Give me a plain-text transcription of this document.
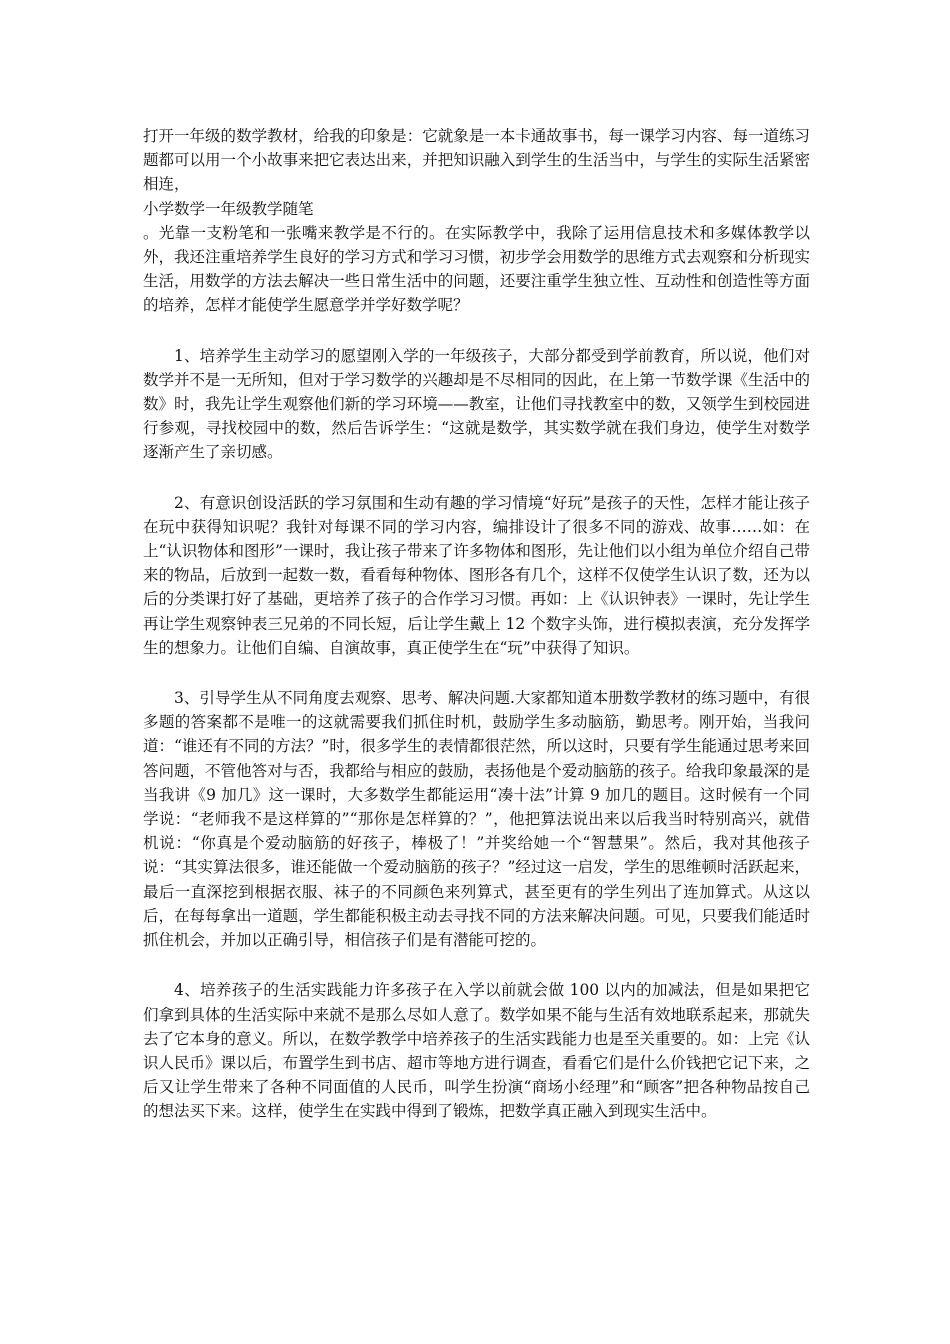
打开一年级的数学教材，给我的印象是：它就象是一本卡通故事书，每一课学习内容、每一道练习题都可以用一个小故事来把它表达出来，并把知识融入到学生的生活当中，与学生的实际生活紧密相连，

小学数学一年级教学随笔

。光靠一支粉笔和一张嘴来教学是不行的。在实际教学中，我除了运用信息技术和多媒体教学以外，我还注重培养学生良好的学习方式和学习习惯，初步学会用数学的思维方式去观察和分析现实生活，用数学的方法去解决一些日常生活中的问题，还要注重学生独立性、互动性和创造性等方面的培养，怎样才能使学生愿意学并学好数学呢？

1、培养学生主动学习的愿望刚入学的一年级孩子，大部分都受到学前教育，所以说，他们对数学并不是一无所知，但对于学习数学的兴趣却是不尽相同的因此，在上第一节数学课《生活中的数》时，我先让学生观察他们新的学习环境——教室，让他们寻找教室中的数，又领学生到校园进行参观，寻找校园中的数，然后告诉学生：“这就是数学，其实数学就在我们身边，使学生对数学逐渐产生了亲切感。

2、有意识创设活跃的学习氛围和生动有趣的学习情境“好玩”是孩子的天性，怎样才能让孩子在玩中获得知识呢？我针对每课不同的学习内容，编排设计了很多不同的游戏、故事……如：在上“认识物体和图形”一课时，我让孩子带来了许多物体和图形，先让他们以小组为单位介绍自己带来的物品，后放到一起数一数，看看每种物体、图形各有几个，这样不仅使学生认识了数，还为以后的分类课打好了基础，更培养了孩子的合作学习习惯。再如：上《认识钟表》一课时，先让学生再让学生观察钟表三兄弟的不同长短，后让学生戴上 12 个数字头饰，进行模拟表演，充分发挥学生的想象力。让他们自编、自演故事，真正使学生在“玩”中获得了知识。

3、引导学生从不同角度去观察、思考、解决问题.大家都知道本册数学教材的练习题中，有很多题的答案都不是唯一的这就需要我们抓住时机，鼓励学生多动脑筋，勤思考。刚开始，当我问道：“谁还有不同的方法？”时，很多学生的表情都很茫然，所以这时，只要有学生能通过思考来回答问题，不管他答对与否，我都给与相应的鼓励，表扬他是个爱动脑筋的孩子。给我印象最深的是当我讲《9 加几》这一课时，大多数学生都能运用“凑十法”计算 9 加几的题目。这时候有一个同学说：“老师我不是这样算的”“那你是怎样算的？”，他把算法说出来以后我当时特别高兴，就借机说：“你真是个爱动脑筋的好孩子，棒极了！”并奖给她一个“智慧果”。然后，我对其他孩子说：“其实算法很多，谁还能做一个爱动脑筋的孩子？”经过这一启发，学生的思维顿时活跃起来，最后一直深挖到根据衣服、袜子的不同颜色来列算式，甚至更有的学生列出了连加算式。从这以后，在每每拿出一道题，学生都能积极主动去寻找不同的方法来解决问题。可见，只要我们能适时抓住机会，并加以正确引导，相信孩子们是有潜能可挖的。

4、培养孩子的生活实践能力许多孩子在入学以前就会做 100 以内的加减法，但是如果把它们拿到具体的生活实际中来就不是那么尽如人意了。数学如果不能与生活有效地联系起来，那就失去了它本身的意义。所以，在数学教学中培养孩子的生活实践能力也是至关重要的。如：上完《认识人民币》课以后，布置学生到书店、超市等地方进行调查，看看它们是什么价钱把它记下来，之后又让学生带来了各种不同面值的人民币，叫学生扮演“商场小经理”和“顾客”把各种物品按自己的想法买下来。这样，使学生在实践中得到了锻炼，把数学真正融入到现实生活中。
